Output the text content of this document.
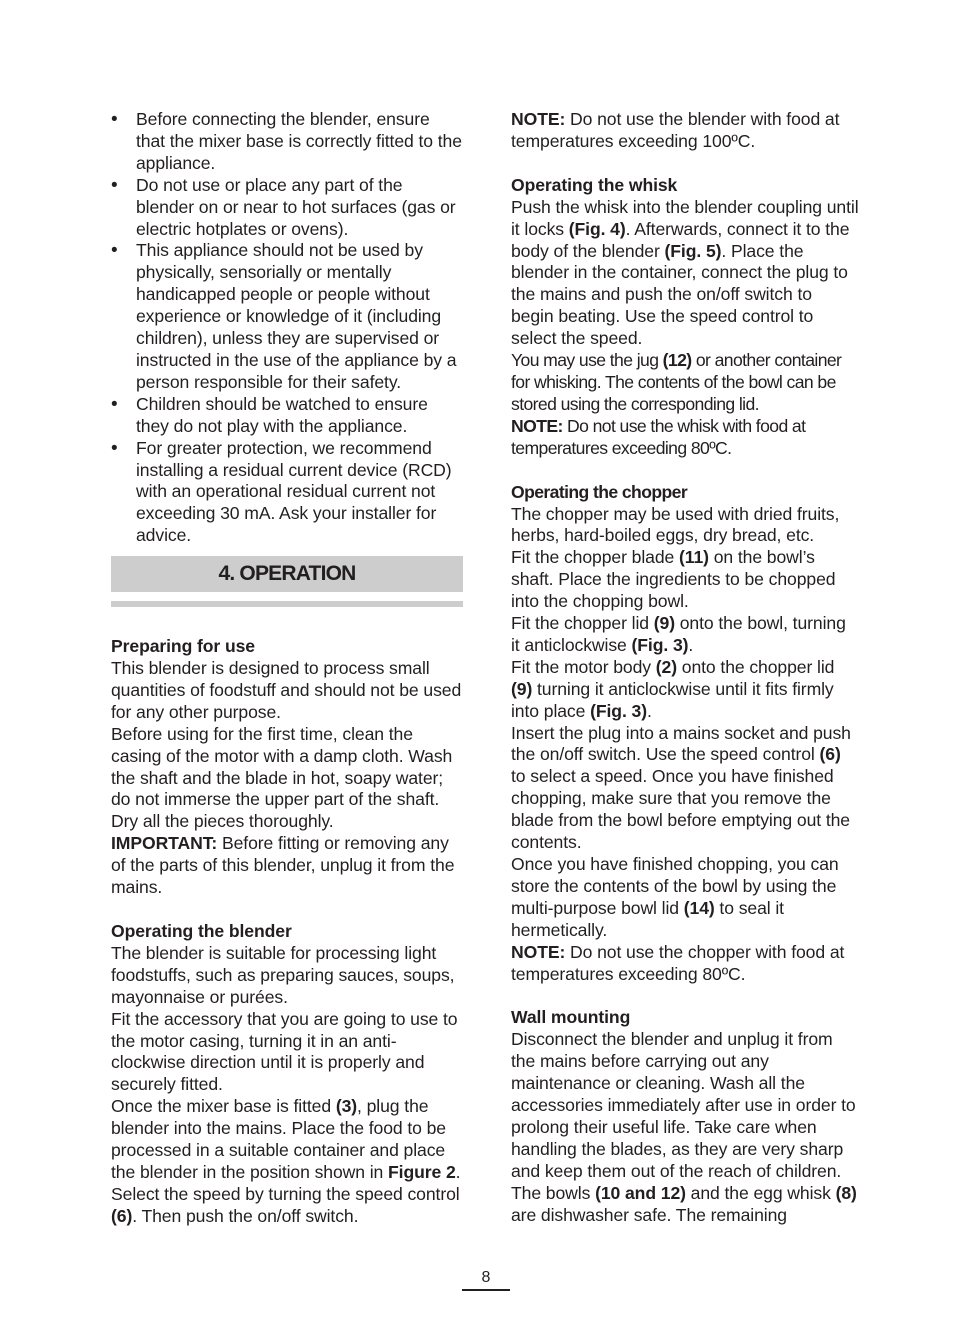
• Before connecting the blender, ensure that the mixer base is correctly fitted to the appliance.
• Do not use or place any part of the blender on or near to hot surfaces (gas or electric hotplates or ovens).
• This appliance should not be used by physically, sensorially or mentally handicapped people or people without experience or knowledge of it (including children), unless they are supervised or instructed in the use of the appliance by a person responsible for their safety.
• Children should be watched to ensure they do not play with the appliance.
• For greater protection, we recommend installing a residual current device (RCD) with an operational residual current not exceeding 30 mA. Ask your installer for advice.
4. OPERATION
Preparing for use

This blender is designed to process small quantities of foodstuff and should not be used for any other purpose.

Before using for the first time, clean the casing of the motor with a damp cloth. Wash the shaft and the blade in hot, soapy water; do not immerse the upper part of the shaft. Dry all the pieces thoroughly.

IMPORTANT: Before fitting or removing any of the parts of this blender, unplug it from the mains.

Operating the blender

The blender is suitable for processing light foodstuffs, such as preparing sauces, soups, mayonnaise or purées.

Fit the accessory that you are going to use to the motor casing, turning it in an anti-clockwise direction until it is properly and securely fitted.

Once the mixer base is fitted (3), plug the blender into the mains. Place the food to be processed in a suitable container and place the blender in the position shown in Figure 2. Select the speed by turning the speed control (6). Then push the on/off switch.

NOTE: Do not use the blender with food at temperatures exceeding 100ºC.

Operating the whisk

Push the whisk into the blender coupling until it locks (Fig. 4). Afterwards, connect it to the body of the blender (Fig. 5). Place the blender in the container, connect the plug to the mains and push the on/off switch to begin beating. Use the speed control to select the speed.

You may use the jug (12) or another container for whisking. The contents of the bowl can be stored using the corresponding lid.

NOTE: Do not use the whisk with food at temperatures exceeding 80ºC.

Operating the chopper

The chopper may be used with dried fruits, herbs, hard-boiled eggs, dry bread, etc.

Fit the chopper blade (11) on the bowl’s shaft. Place the ingredients to be chopped into the chopping bowl.

Fit the chopper lid (9) onto the bowl, turning it anticlockwise (Fig. 3).

Fit the motor body (2) onto the chopper lid (9) turning it anticlockwise until it fits firmly into place (Fig. 3).

Insert the plug into a mains socket and push the on/off switch. Use the speed control (6) to select a speed. Once you have finished chopping, make sure that you remove the blade from the bowl before emptying out the contents.

Once you have finished chopping, you can store the contents of the bowl by using the multi-purpose bowl lid (14) to seal it hermetically.

NOTE: Do not use the chopper with food at temperatures exceeding 80ºC.

Wall mounting

Disconnect the blender and unplug it from the mains before carrying out any maintenance or cleaning. Wash all the accessories immediately after use in order to prolong their useful life. Take care when handling the blades, as they are very sharp and keep them out of the reach of children. The bowls (10 and 12) and the egg whisk (8) are dishwasher safe. The remaining

8
